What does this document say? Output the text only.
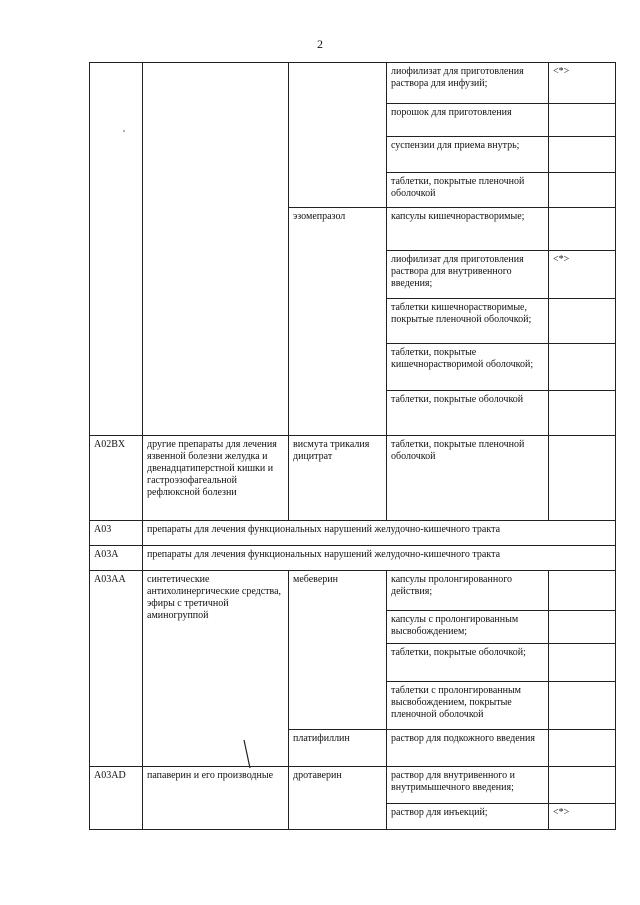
2
			лиофилизат для приготовления раствора для инфузий;	<*>
			порошок для приготовления	
			суспензии для приема внутрь;	
			таблетки, покрытые пленочной оболочкой	
		эзомепразол	капсулы кишечнорастворимые;	
			лиофилизат для приготовления раствора для внутривенного введения;	<*>
			таблетки кишечнорастворимые, покрытые пленочной оболочкой;	
			таблетки, покрытые кишечнорастворимой оболочкой;	
			таблетки, покрытые оболочкой	
A02BX	другие препараты для лечения язвенной болезни желудка и двенадцатиперстной кишки и гастроэзофагеальной рефлюксной болезни	висмута трикалия дицитрат	таблетки, покрытые пленочной оболочкой	
A03	препараты для лечения функциональных нарушений желудочно-кишечного тракта			
A03A	препараты для лечения функциональных нарушений желудочно-кишечного тракта			
A03AA	синтетические антихолинергические средства, эфиры с третичной аминогруппой	мебеверин	капсулы пролонгированного действия;	
			капсулы с пролонгированным высвобождением;	
			таблетки, покрытые оболочкой;	
			таблетки с пролонгированным высвобождением, покрытые пленочной оболочкой	
		платифиллин	раствор для подкожного введения	
A03AD	папаверин и его производные	дротаверин	раствор для внутривенного и внутримышечного введения;	
			раствор для инъекций;	<*>
